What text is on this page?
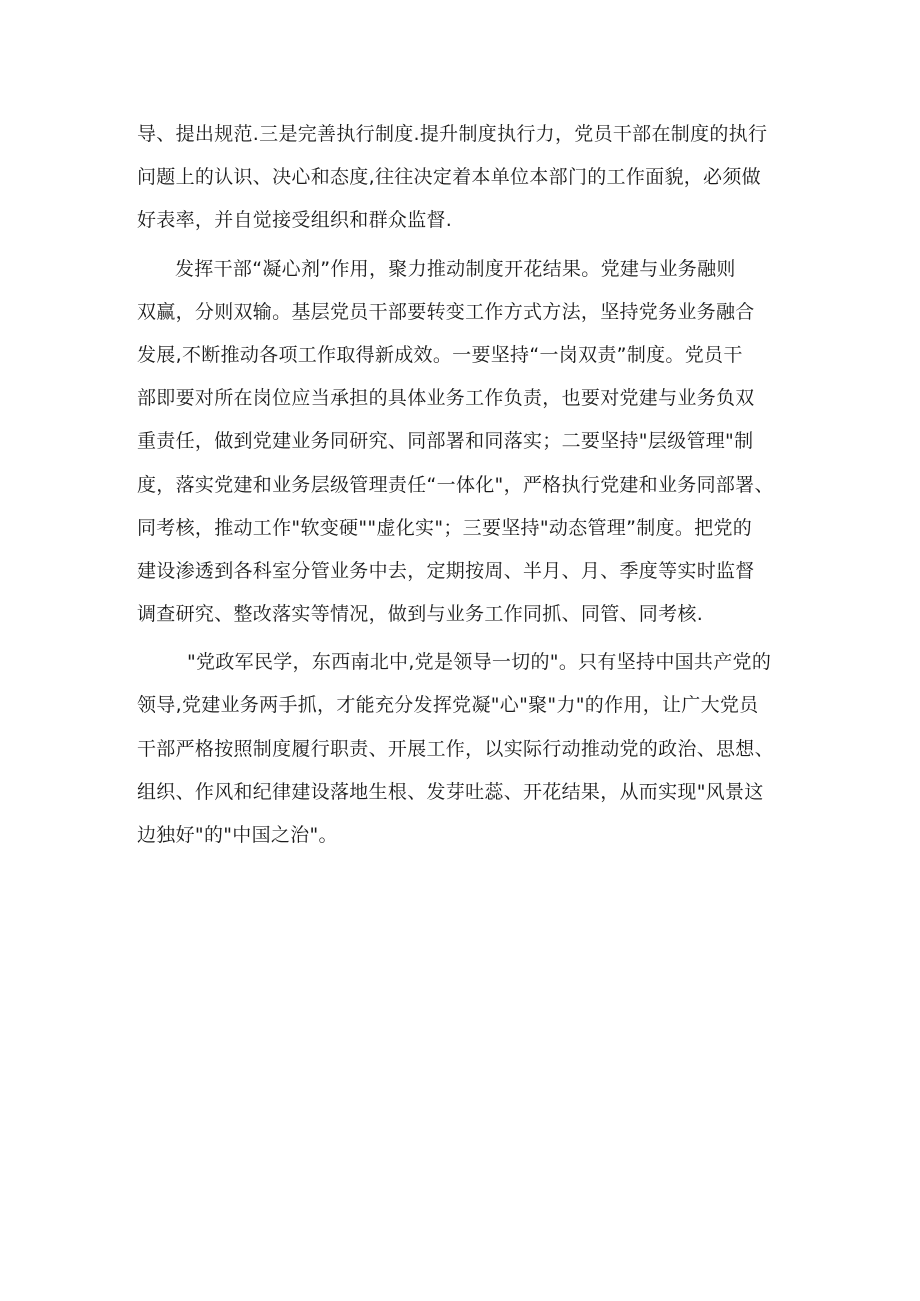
导、提出规范.三是完善执行制度.提升制度执行力，党员干部在制度的执行
问题上的认识、决心和态度,往往决定着本单位本部门的工作面貌，必须做
好表率，并自觉接受组织和群众监督.
发挥干部“凝心剂”作用，聚力推动制度开花结果。党建与业务融则
双赢，分则双输。基层党员干部要转变工作方式方法，坚持党务业务融合
发展,不断推动各项工作取得新成效。一要坚持“一岗双责”制度。党员干
部即要对所在岗位应当承担的具体业务工作负责，也要对党建与业务负双
重责任，做到党建业务同研究、同部署和同落实；二要坚持"层级管理"制
度，落实党建和业务层级管理责任“一体化"，严格执行党建和业务同部署、
同考核，推动工作"软变硬""虚化实"；三要坚持"动态管理”制度。把党的
建设渗透到各科室分管业务中去，定期按周、半月、月、季度等实时监督
调查研究、整改落实等情况，做到与业务工作同抓、同管、同考核.
"党政军民学，东西南北中,党是领导一切的"。只有坚持中国共产党的
领导,党建业务两手抓，才能充分发挥党凝"心"聚"力"的作用，让广大党员
干部严格按照制度履行职责、开展工作，以实际行动推动党的政治、思想、
组织、作风和纪律建设落地生根、发芽吐蕊、开花结果，从而实现"风景这
边独好"的"中国之治"。
